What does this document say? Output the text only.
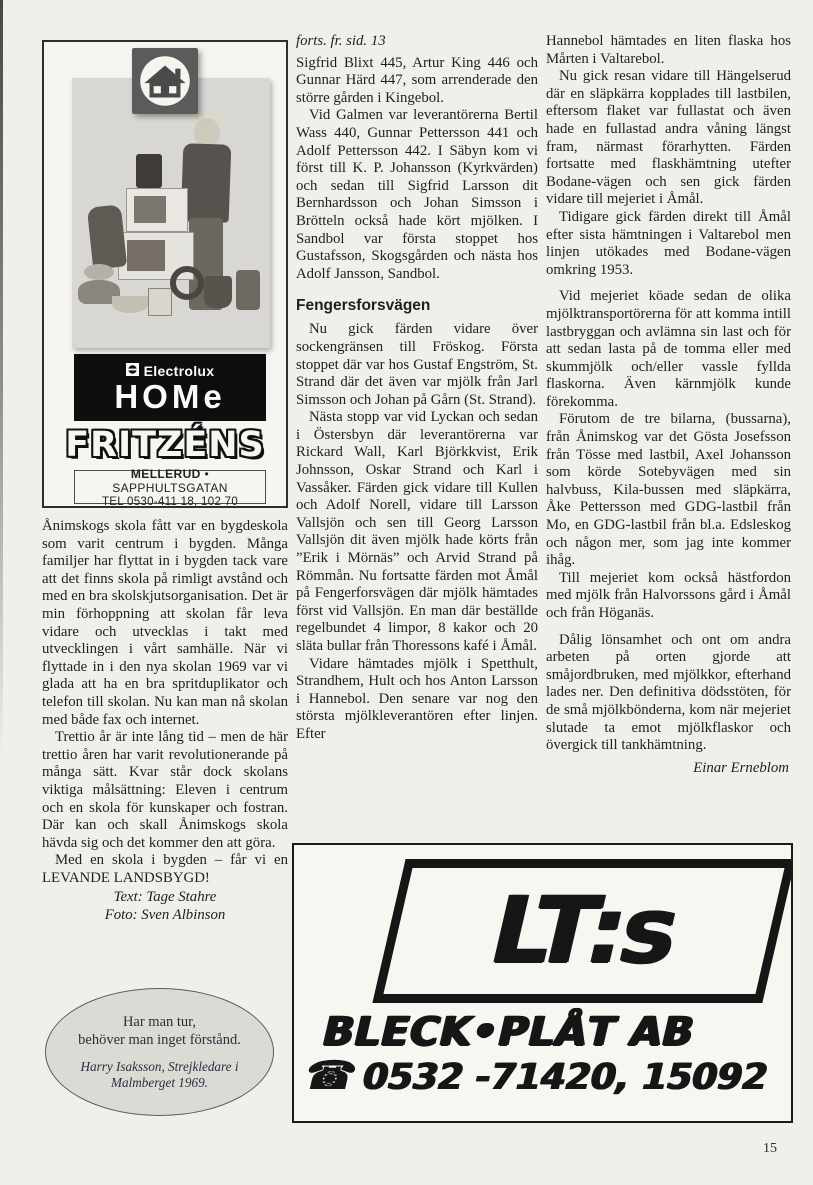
Electrolux
HOMe
FRITZÉNS
MELLERUD • SAPPHULTSGATAN
TEL 0530-411 18, 102 70

Ånimskogs skola fått var en bygdeskola som varit centrum i bygden. Många familjer har flyttat in i bygden tack vare att det finns skola på rimligt avstånd och med en bra skolskjutsorganisation. Det är min förhoppning att skolan får leva vidare och utvecklas i takt med utvecklingen i vårt samhälle. När vi flyttade in i den nya skolan 1969 var vi glada att ha en bra spritduplikator och telefon till skolan. Nu kan man nå skolan med både fax och internet.

Trettio år är inte lång tid – men de här trettio åren har varit revolutionerande på många sätt. Kvar står dock skolans viktiga målsättning: Eleven i centrum och en skola för kunskaper och fostran. Där kan och skall Ånimskogs skola hävda sig och det kommer den att göra.

Med en skola i bygden – får vi en LEVANDE LANDSBYGD!

Text: Tage Stahre
Foto: Sven Albinson
Har man tur,
behöver man inget förstånd.
Harry Isaksson, Strejkledare i
Malmberget 1969.

forts. fr. sid. 13

Sigfrid Blixt 445, Artur King 446 och Gunnar Härd 447, som arrenderade den större gården i Kingebol.

Vid Galmen var leverantörerna Bertil Wass 440, Gunnar Pettersson 441 och Adolf Pettersson 442. I Säbyn kom vi först till K. P. Johansson (Kyrkvärden) och sedan till Sigfrid Larsson dit Bernhardsson och Johan Simsson i Brötteln också hade kört mjölken. I Sandbol var första stoppet hos Gustafsson, Skogsgården och nästa hos Adolf Jansson, Sandbol.

Fengersforsvägen

Nu gick färden vidare över sockengränsen till Fröskog. Första stoppet där var hos Gustaf Engström, St. Strand där det även var mjölk från Jarl Simsson och Johan på Gårn (St. Strand).

Nästa stopp var vid Lyckan och sedan i Östersbyn där leverantörerna var Rickard Wall, Karl Björkkvist, Erik Johnsson, Oskar Strand och Karl i Vassåker. Färden gick vidare till Kullen och Adolf Norell, vidare till Larsson Vallsjön och sen till Georg Larsson Vallsjön dit även mjölk hade körts från ”Erik i Mörnäs” och Arvid Strand på Römmån. Nu fortsatte färden mot Åmål på Fengerforsvägen där mjölk hämtades först vid Vallsjön. En man där beställde regelbundet 4 limpor, 8 kakor och 20 släta bullar från Thoressons kafé i Åmål.

Vidare hämtades mjölk i Spetthult, Strandhem, Hult och hos Anton Larsson i Hannebol. Den senare var nog den största mjölkleverantören efter linjen. Efter

Hannebol hämtades en liten flaska hos Mårten i Valtarebol.

Nu gick resan vidare till Hängelserud där en släpkärra kopplades till lastbilen, eftersom flaket var fullastat och även hade en fullastad andra våning längst fram, närmast förarhytten. Färden fortsatte med flaskhämtning utefter Bodane-vägen och sen gick färden vidare till mejeriet i Åmål.

Tidigare gick färden direkt till Åmål efter sista hämtningen i Valtarebol men linjen utökades med Bodane-vägen omkring 1953.

Vid mejeriet köade sedan de olika mjölktransportörerna för att komma intill lastbryggan och avlämna sin last och för att sedan lasta på de tomma eller med skummjölk och/eller vassle fyllda flaskorna. Även kärnmjölk kunde förekomma.

Förutom de tre bilarna, (bussarna), från Ånimskog var det Gösta Josefsson från Tösse med lastbil, Axel Johansson som körde Sotebyvägen med sin halvbuss, Kila-bussen med släpkärra, Åke Pettersson med GDG-lastbil från Mo, en GDG-lastbil från bl.a. Edsleskog och någon mer, som jag inte kommer ihåg.

Till mejeriet kom också hästfordon med mjölk från Halvorssons gård i Åmål och från Höganäs.

Dålig lönsamhet och ont om andra arbeten på orten gjorde att småjordbruken, med mjölkkor, efterhand lades ner. Den definitiva dödsstöten, för de små mjölkbönderna, kom när mejeriet slutade ta emot mjölkflaskor och övergick till tankhämtning.

Einar Erneblom

LT:s
BLECK•PLÅT AB
☎0532 -71420, 15092
15
